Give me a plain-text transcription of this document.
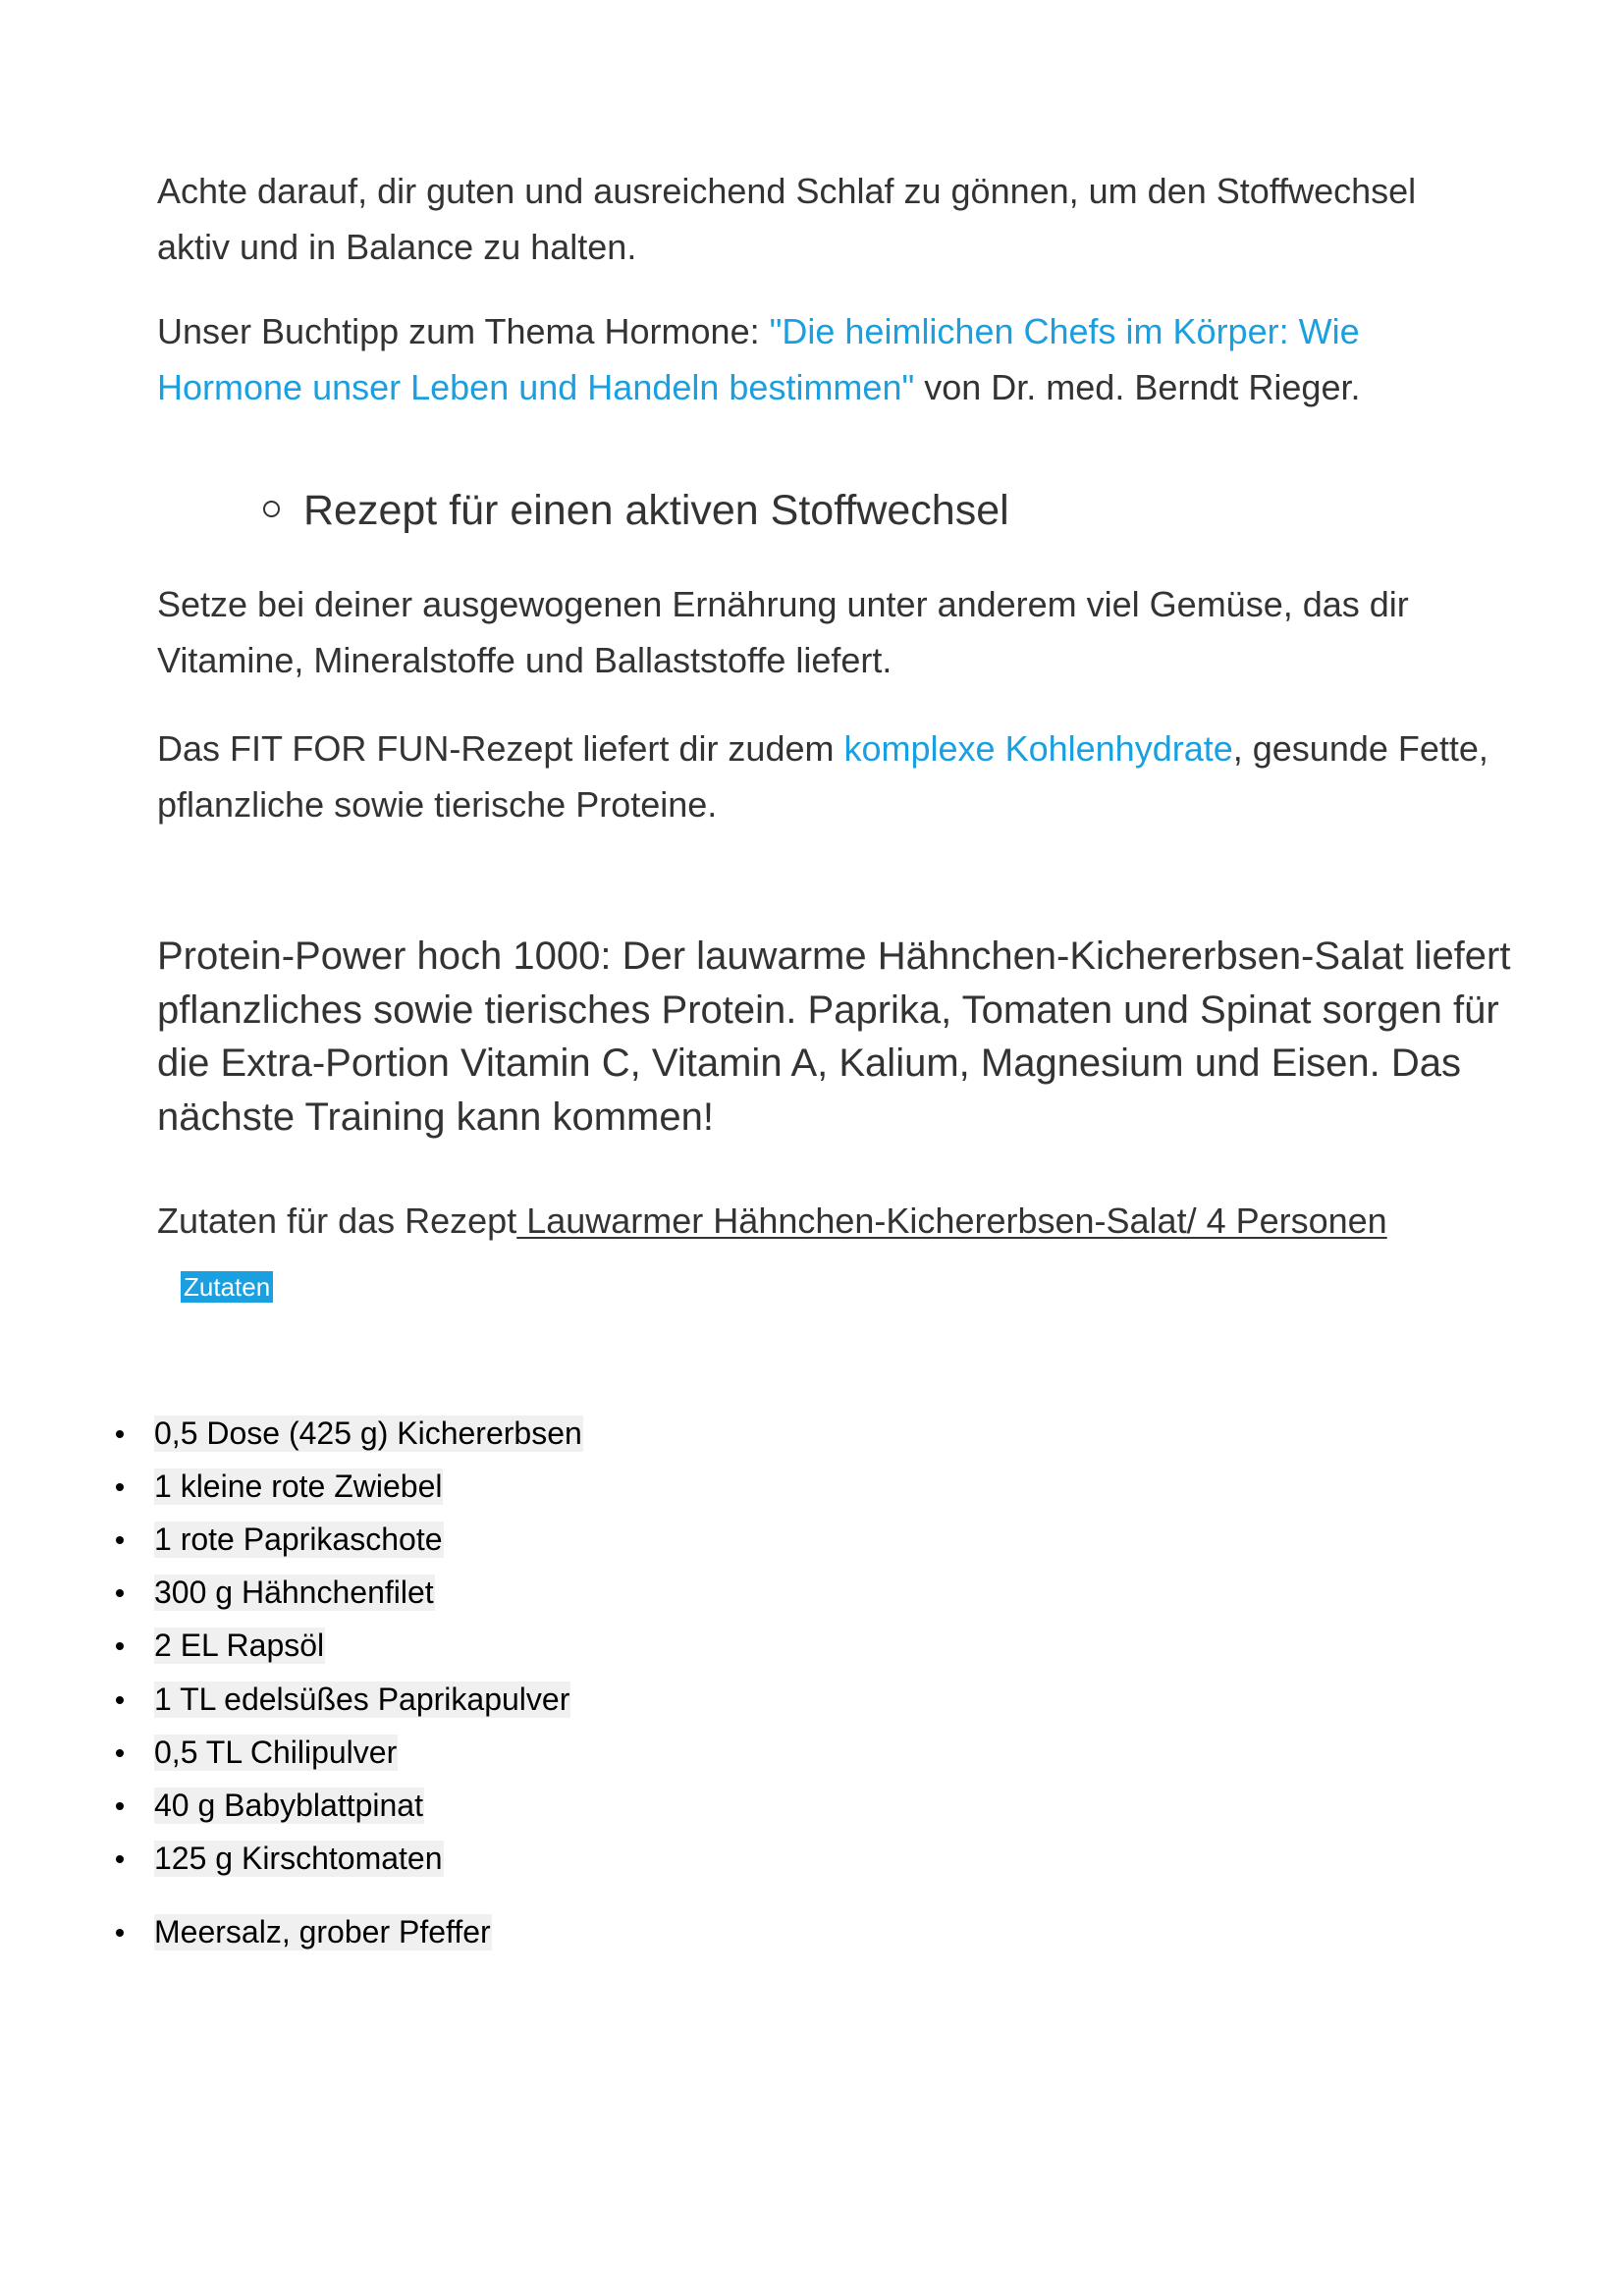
Achte darauf, dir guten und ausreichend Schlaf zu gönnen, um den Stoffwechsel aktiv und in Balance zu halten.

Unser Buchtipp zum Thema Hormone: "Die heimlichen Chefs im Körper: Wie Hormone unser Leben und Handeln bestimmen" von Dr. med. Berndt Rieger.

Rezept für einen aktiven Stoffwechsel

Setze bei deiner ausgewogenen Ernährung unter anderem viel Gemüse, das dir Vitamine, Mineralstoffe und Ballaststoffe liefert.

Das FIT FOR FUN-Rezept liefert dir zudem komplexe Kohlenhydrate, gesunde Fette, pflanzliche sowie tierische Proteine.

Protein-Power hoch 1000: Der lauwarme Hähnchen-Kichererbsen-Salat liefert pflanzliches sowie tierisches Protein. Paprika, Tomaten und Spinat sorgen für die Extra-Portion Vitamin C, Vitamin A, Kalium, Magnesium und Eisen. Das nächste Training kann kommen!

Zutaten für das Rezept Lauwarmer Hähnchen-Kichererbsen-Salat/ 4 Personen

Zutaten
0,5 Dose (425 g) Kichererbsen
1 kleine rote Zwiebel
1 rote Paprikaschote
300 g Hähnchenfilet
2 EL Rapsöl
1 TL edelsüßes Paprikapulver
0,5 TL Chilipulver
40 g Babyblattpinat
125 g Kirschtomaten
Meersalz, grober Pfeffer
